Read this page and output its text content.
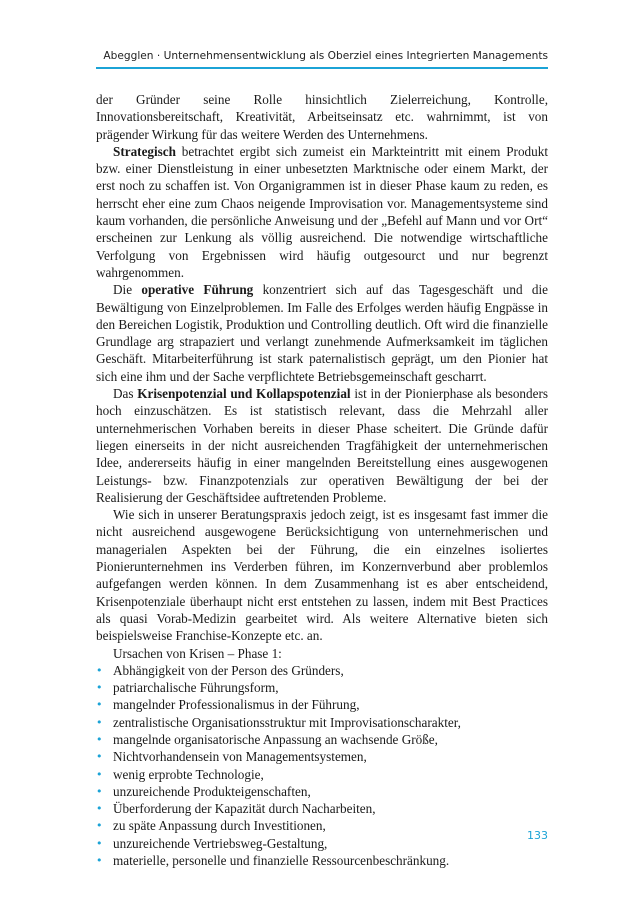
Abegglen · Unternehmensentwicklung als Oberziel eines Integrierten Managements

der Gründer seine Rolle hinsichtlich Zielerreichung, Kontrolle, Innovationsbereitschaft, Kreativität, Arbeitseinsatz etc. wahrnimmt, ist von prägender Wirkung für das weitere Werden des Unternehmens.

Strategisch betrachtet ergibt sich zumeist ein Markteintritt mit einem Produkt bzw. einer Dienstleistung in einer unbesetzten Marktnische oder einem Markt, der erst noch zu schaffen ist. Von Organigrammen ist in dieser Phase kaum zu reden, es herrscht eher eine zum Chaos neigende Improvisation vor. Managementsysteme sind kaum vorhanden, die persönliche Anweisung und der „Befehl auf Mann und vor Ort“ erscheinen zur Lenkung als völlig ausreichend. Die notwendige wirtschaftliche Verfolgung von Ergebnissen wird häufig outgesourct und nur begrenzt wahrgenommen.

Die operative Führung konzentriert sich auf das Tagesgeschäft und die Bewältigung von Einzelproblemen. Im Falle des Erfolges werden häufig Engpässe in den Bereichen Logistik, Produktion und Controlling deutlich. Oft wird die finanzielle Grundlage arg strapaziert und verlangt zunehmende Aufmerksamkeit im täglichen Geschäft. Mitarbeiterführung ist stark paternalistisch geprägt, um den Pionier hat sich eine ihm und der Sache verpflichtete Betriebsgemeinschaft gescharrt.

Das Krisenpotenzial und Kollapspotenzial ist in der Pionierphase als besonders hoch einzuschätzen. Es ist statistisch relevant, dass die Mehrzahl aller unternehmerischen Vorhaben bereits in dieser Phase scheitert. Die Gründe dafür liegen einerseits in der nicht ausreichenden Tragfähigkeit der unternehmerischen Idee, andererseits häufig in einer mangelnden Bereitstellung eines ausgewogenen Leistungs- bzw. Finanzpotenzials zur operativen Bewältigung der bei der Realisierung der Geschäftsidee auftretenden Probleme.

Wie sich in unserer Beratungspraxis jedoch zeigt, ist es insgesamt fast immer die nicht ausreichend ausgewogene Berücksichtigung von unternehmerischen und managerialen Aspekten bei der Führung, die ein einzelnes isoliertes Pionierunternehmen ins Verderben führen, im Konzernverbund aber problemlos aufgefangen werden können. In dem Zusammenhang ist es aber entscheidend, Krisenpotenziale überhaupt nicht erst entstehen zu lassen, indem mit Best Practices als quasi Vorab-Medizin gearbeitet wird. Als weitere Alternative bieten sich beispielsweise Franchise-Konzepte etc. an.

Ursachen von Krisen – Phase 1:

• Abhängigkeit von der Person des Gründers,
• patriarchalische Führungsform,
• mangelnder Professionalismus in der Führung,
• zentralistische Organisationsstruktur mit Improvisationscharakter,
• mangelnde organisatorische Anpassung an wachsende Größe,
• Nichtvorhandensein von Managementsystemen,
• wenig erprobte Technologie,
• unzureichende Produkteigenschaften,
• Überforderung der Kapazität durch Nacharbeiten,
• zu späte Anpassung durch Investitionen,
• unzureichende Vertriebsweg-Gestaltung,
• materielle, personelle und finanzielle Ressourcenbeschränkung.
133
